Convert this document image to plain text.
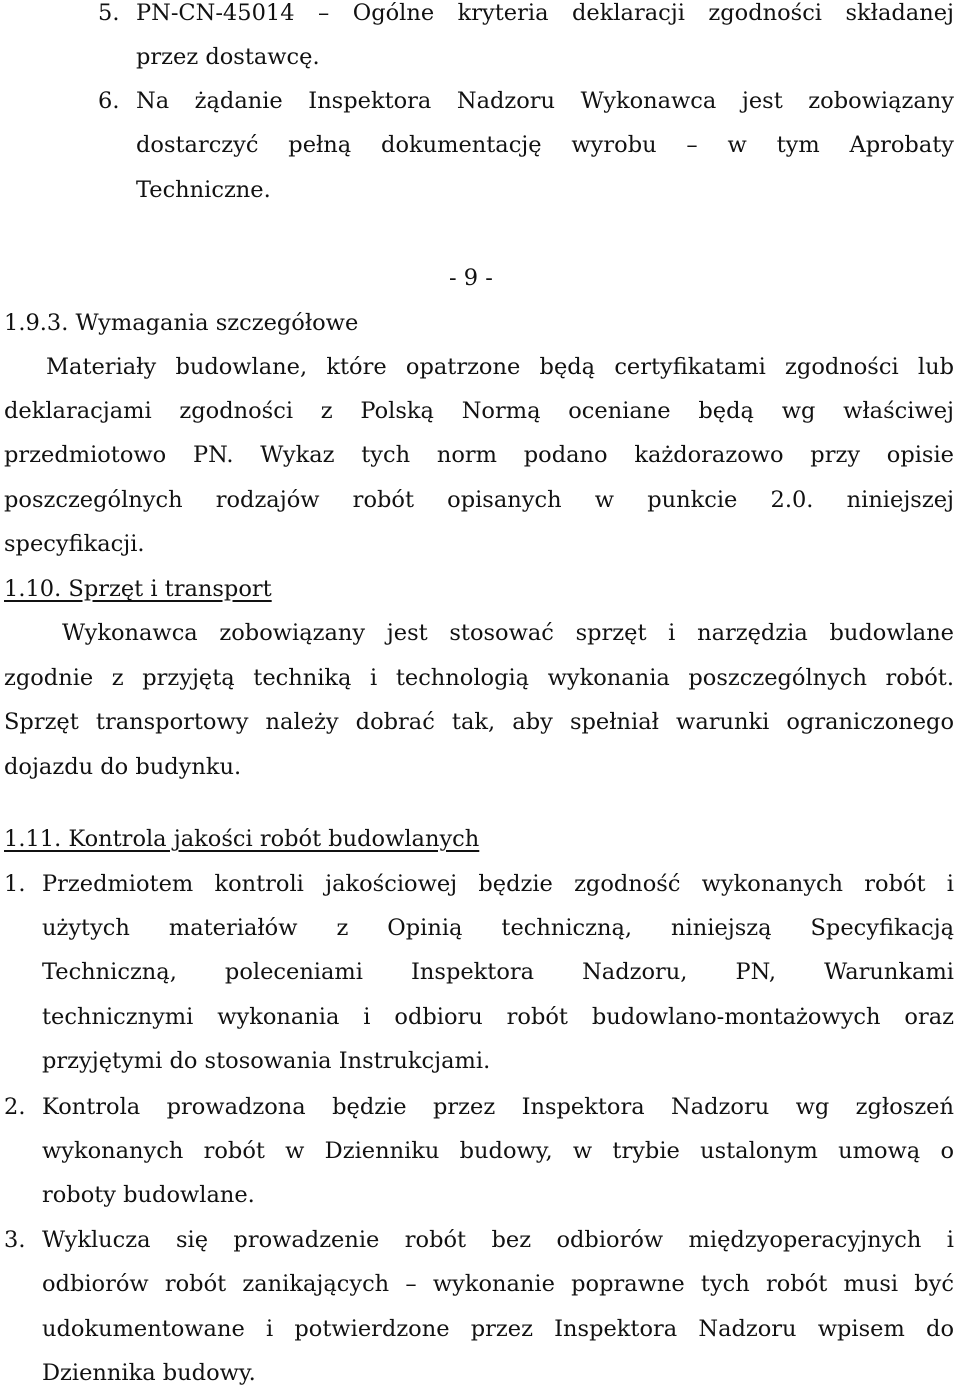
5. PN-CN-45014 – Ogólne kryteria deklaracji zgodności składanej
przez dostawcę.
6. Na żądanie Inspektora Nadzoru Wykonawca jest zobowiązany
dostarczyć pełną dokumentację wyrobu – w tym Aprobaty
Techniczne.
- 9 -
1.9.3. Wymagania szczegółowe
Materiały budowlane, które opatrzone będą certyfikatami zgodności lub
deklaracjami zgodności z Polską Normą oceniane będą wg właściwej
przedmiotowo PN. Wykaz tych norm podano każdorazowo przy opisie
poszczególnych rodzajów robót opisanych w punkcie 2.0. niniejszej
specyfikacji.
1.10. Sprzęt i transport
Wykonawca zobowiązany jest stosować sprzęt i narzędzia budowlane
zgodnie z przyjętą techniką i technologią wykonania poszczególnych robót.
Sprzęt transportowy należy dobrać tak, aby spełniał warunki ograniczonego
dojazdu do budynku.
1.11. Kontrola jakości robót budowlanych
1. Przedmiotem kontroli jakościowej będzie zgodność wykonanych robót i
użytych materiałów z Opinią techniczną, niniejszą Specyfikacją
Techniczną, poleceniami Inspektora Nadzoru, PN, Warunkami
technicznymi wykonania i odbioru robót budowlano-montażowych oraz
przyjętymi do stosowania Instrukcjami.
2. Kontrola prowadzona będzie przez Inspektora Nadzoru wg zgłoszeń
wykonanych robót w Dzienniku budowy, w trybie ustalonym umową o
roboty budowlane.
3. Wyklucza się prowadzenie robót bez odbiorów międzyoperacyjnych i
odbiorów robót zanikających – wykonanie poprawne tych robót musi być
udokumentowane i potwierdzone przez Inspektora Nadzoru wpisem do
Dziennika budowy.
